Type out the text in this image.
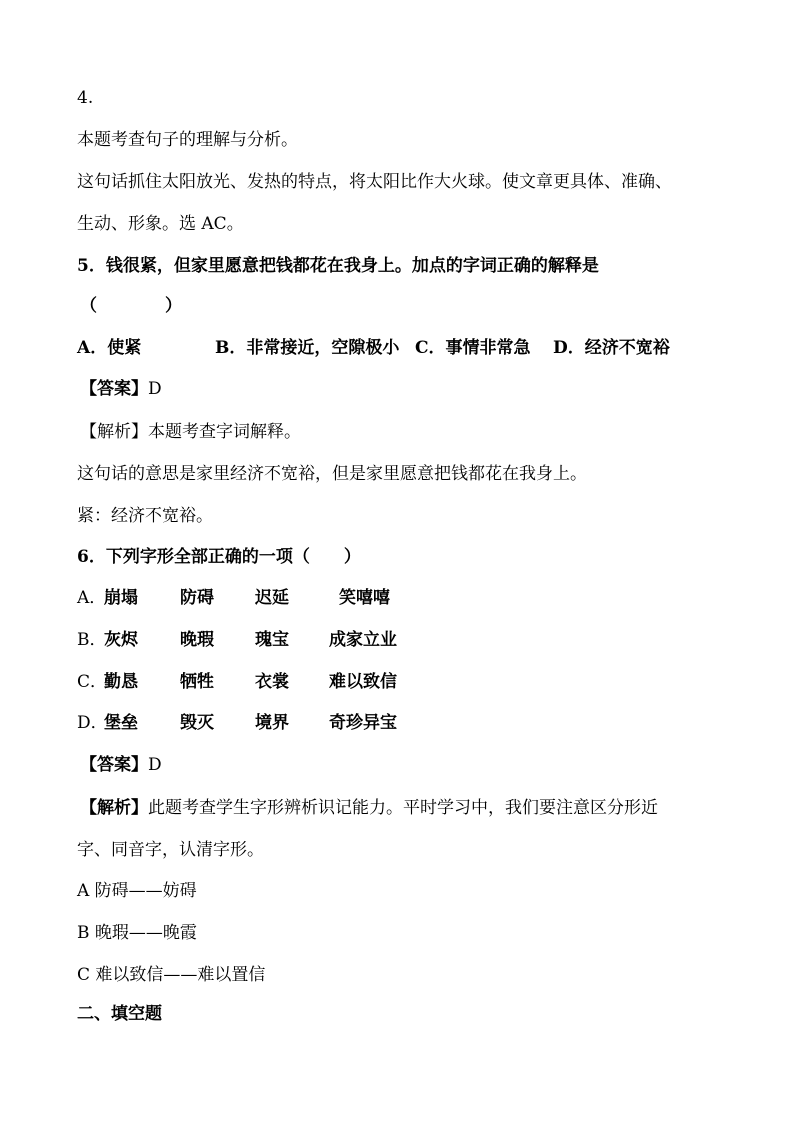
4.
本题考查句子的理解与分析。
这句话抓住太阳放光、发热的特点，将太阳比作大火球。使文章更具体、准确、
生动、形象。选 AC。
5．钱很紧，但家里愿意把钱都花在我身上。加点的字词正确的解释是
（　　　　）
A．使紧	B．非常接近，空隙极小 C．事情非常急 D．经济不宽裕
【答案】D
【解析】本题考查字词解释。
这句话的意思是家里经济不宽裕，但是家里愿意把钱都花在我身上。
紧：经济不宽裕。
6．下列字形全部正确的一项（　　）
A．
崩塌 防碍 迟延	笑嘻嘻
B．
灰烬 晚瑕 瑰宝 成家立业
C．
勤恳 牺牲 衣裳 难以致信
D．
堡垒 毁灭 境界 奇珍异宝
【答案】D
【解析】此题考查学生字形辨析识记能力。平时学习中，我们要注意区分形近
字、同音字，认清字形。
A 防碍——妨碍
B 晚瑕——晚霞
C 难以致信——难以置信
二、填空题
